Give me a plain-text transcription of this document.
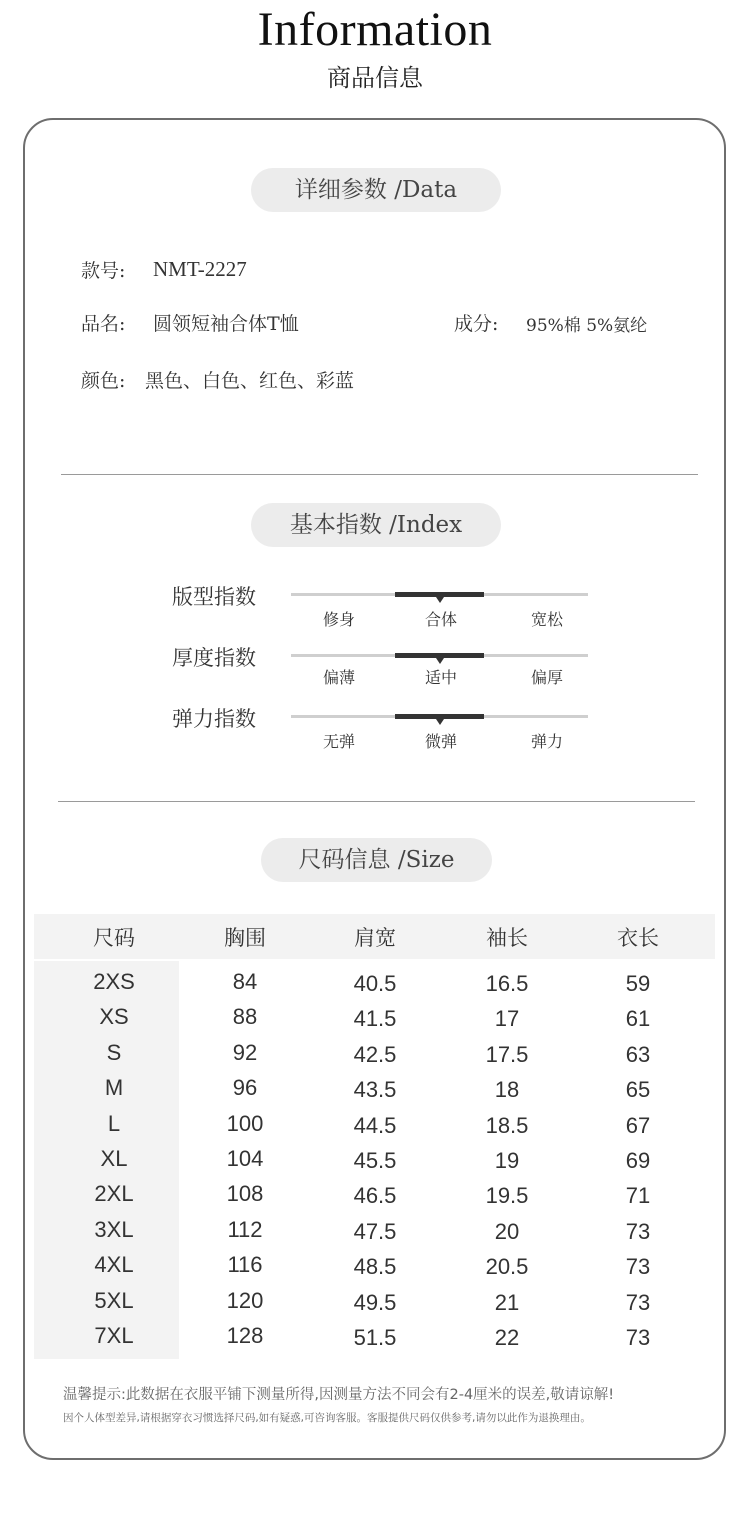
Information
商品信息
详细参数 /Data
款号: NMT-2227
品名: 圆领短袖合体T恤	成分: 95%棉 5%氨纶
颜色: 黑色、白色、红色、彩蓝
基本指数 /Index
版型指数
修身	合体	宽松
厚度指数
偏薄	适中	偏厚
弹力指数
无弹	微弹	弹力
尺码信息 /Size
尺码	胸围	肩宽	袖长	衣长
2XS	84	40.5	16.5	59
XS	88	41.5	17	61
S	92	42.5	17.5	63
M	96	43.5	18	65
L	100	44.5	18.5	67
XL	104	45.5	19	69
2XL	108	46.5	19.5	71
3XL	112	47.5	20	73
4XL	116	48.5	20.5	73
5XL	120	49.5	21	73
7XL	128	51.5	22	73
温馨提示:此数据在衣服平铺下测量所得,因测量方法不同会有2-4厘米的误差,敬请谅解!
因个人体型差异,请根据穿衣习惯选择尺码,如有疑惑,可咨询客服。客服提供尺码仅供参考,请勿以此作为退换理由。
